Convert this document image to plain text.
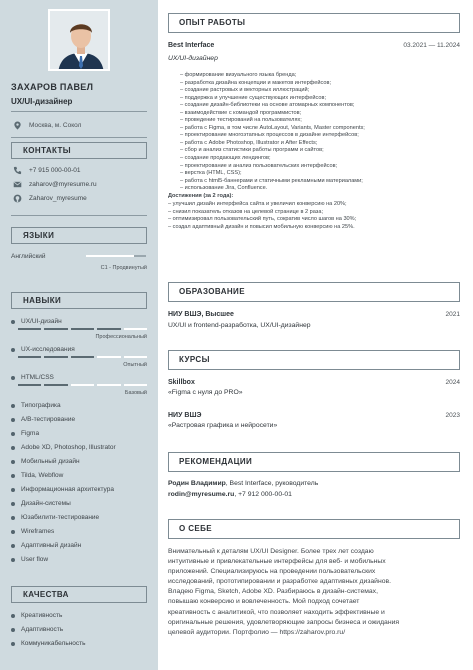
ЗАХАРОВ ПАВЕЛ
UX/UI-дизайнер
Москва, м. Сокол
КОНТАКТЫ
+7 915 000-00-01
zaharov@myresume.ru
Zaharov_myresume
ЯЗЫКИ
Английский
C1 - Продвинутый
НАВЫКИ
UX/UI-дизайн
Профессиональный
UX-исследования
Опытный
HTML/CSS
Базовый
Типографика
А/B-тестирование
Figma
Adobe XD, Photoshop, Illustrator
Мобильный дизайн
Tilda, Webflow
Информационная архитектура
Дизайн-системы
Юзабилити-тестирование
Wireframes
Адаптивный дизайн
User flow
КАЧЕСТВА
Креативность
Адаптивность
Коммуникабельность
ОПЫТ РАБОТЫ
Best Interface	03.2021 — 11.2024
UX/UI-дизайнер
– формирование визуального языка бренда;
– разработка дизайна концепции и макетов интерфейсов;
– создание растровых и векторных иллюстраций;
– поддержка и улучшение существующих интерфейсов;
– создание дизайн-библиотеки на основе атомарных компонентов;
– взаимодействие с командой программистов;
– проведение тестирований на пользователях;
– работа с Figma, в том числе AutoLayout, Variants, Master components;
– проектирование многоэтапных процессов в дизайне интерфейсов;
– работа с Adobe Photoshop, Illustrator и After Effects;
– сбор и анализ статистики работы программ и сайтов;
– создание продающих лендингов;
– проектирование и анализ пользовательских интерфейсов;
– верстка (HTML, CSS);
– работа с html5-баннерами и статичными рекламными материалами;
– использование Jira, Confluence.
Достижения (за 2 года):
– улучшил дизайн интерфейса сайта и увеличил конверсию на 20%;
– снизил показатель отказов на целевой странице в 2 раза;
– оптимизировал пользовательский путь, сократив число шагов на 30%;
– создал адаптивный дизайн и повысил мобильную конверсию на 25%.
ОБРАЗОВАНИЕ
НИУ ВШЭ, Высшее	2021
UX/UI и frontend-разработка, UX/UI-дизайнер
КУРСЫ
Skillbox	2024
«Figma с нуля до PRO»
НИУ ВШЭ	2023
«Растровая графика и нейросети»
РЕКОМЕНДАЦИИ
Родин Владимир, Best Interface, руководитель
rodin@myresume.ru, +7 912 000-00-01
О СЕБЕ
Внимательный к деталям UX/UI Designer. Более трех лет создаю
интуитивные и привлекательные интерфейсы для веб- и мобильных
приложений. Специализируюсь на проведении пользовательских
исследований, прототипировании и разработке адаптивных дизайнов.
Владею Figma, Sketch, Adobe XD. Разбираюсь в дизайн-системах,
повышаю конверсию и вовлеченность. Мой подход сочетает
креативность с аналитикой, что позволяет находить эффективные и
оригинальные решения, удовлетворяющие запросы бизнеса и ожидания
целевой аудитории. Портфолио — https://zaharov.pro.ru/
